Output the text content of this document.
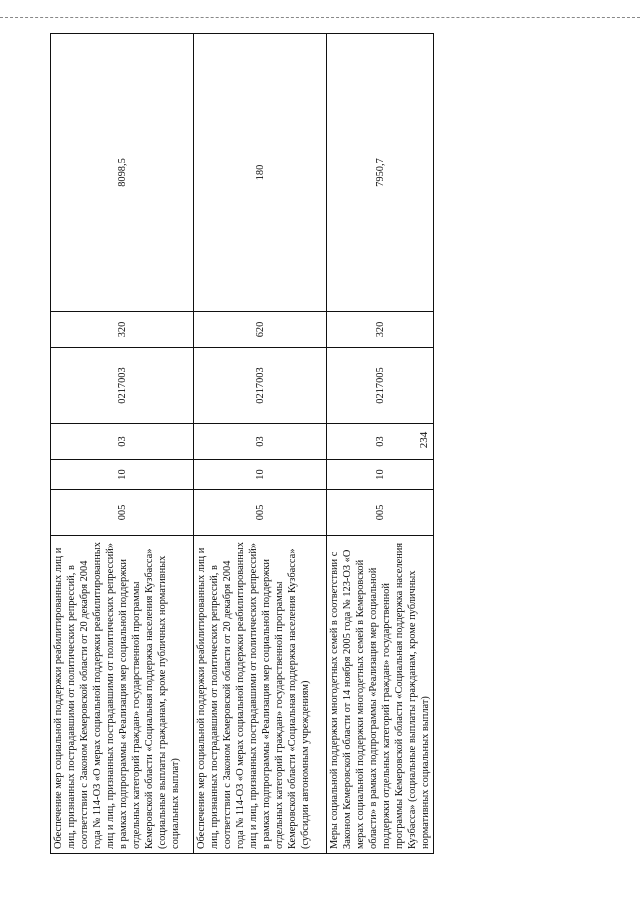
234
Обеспечение мер социальной поддержки реабилитированных лиц и лиц, признанных пострадавшими от политических репрессий, в соответствии с Законом Кемеровской области от 20 декабря 2004 года № 114-ОЗ «О мерах социальной поддержки реабилитированных лиц и лиц, признанных пострадавшими от политических репрессий» в рамках подпрограммы «Реализация мер социальной поддержки отдельных категорий граждан» государственной программы Кемеровской области «Социальная поддержка населения Кузбасса» (социальные выплаты гражданам, кроме публичных нормативных социальных выплат)	005	10	03	0217003	320	8098,5
Обеспечение мер социальной поддержки реабилитированных лиц и лиц, признанных пострадавшими от политических репрессий, в соответствии с Законом Кемеровской области от 20 декабря 2004 года № 114-ОЗ «О мерах социальной поддержки реабилитированных лиц и лиц, признанных пострадавшими от политических репрессий» в рамках подпрограммы «Реализация мер социальной поддержки отдельных категорий граждан» государственной программы Кемеровской области «Социальная поддержка населения Кузбасса» (субсидии автономным учреждениям)	005	10	03	0217003	620	180
Меры социальной поддержки многодетных семей в соответствии с Законом Кемеровской области от 14 ноября 2005 года № 123-ОЗ «О мерах социальной поддержки многодетных семей в Кемеровской области» в рамках подпрограммы «Реализация мер социальной поддержки отдельных категорий граждан» государственной программы Кемеровской области «Социальная поддержка населения Кузбасса» (социальные выплаты гражданам, кроме публичных нормативных социальных выплат)	005	10	03	0217005	320	7950,7
